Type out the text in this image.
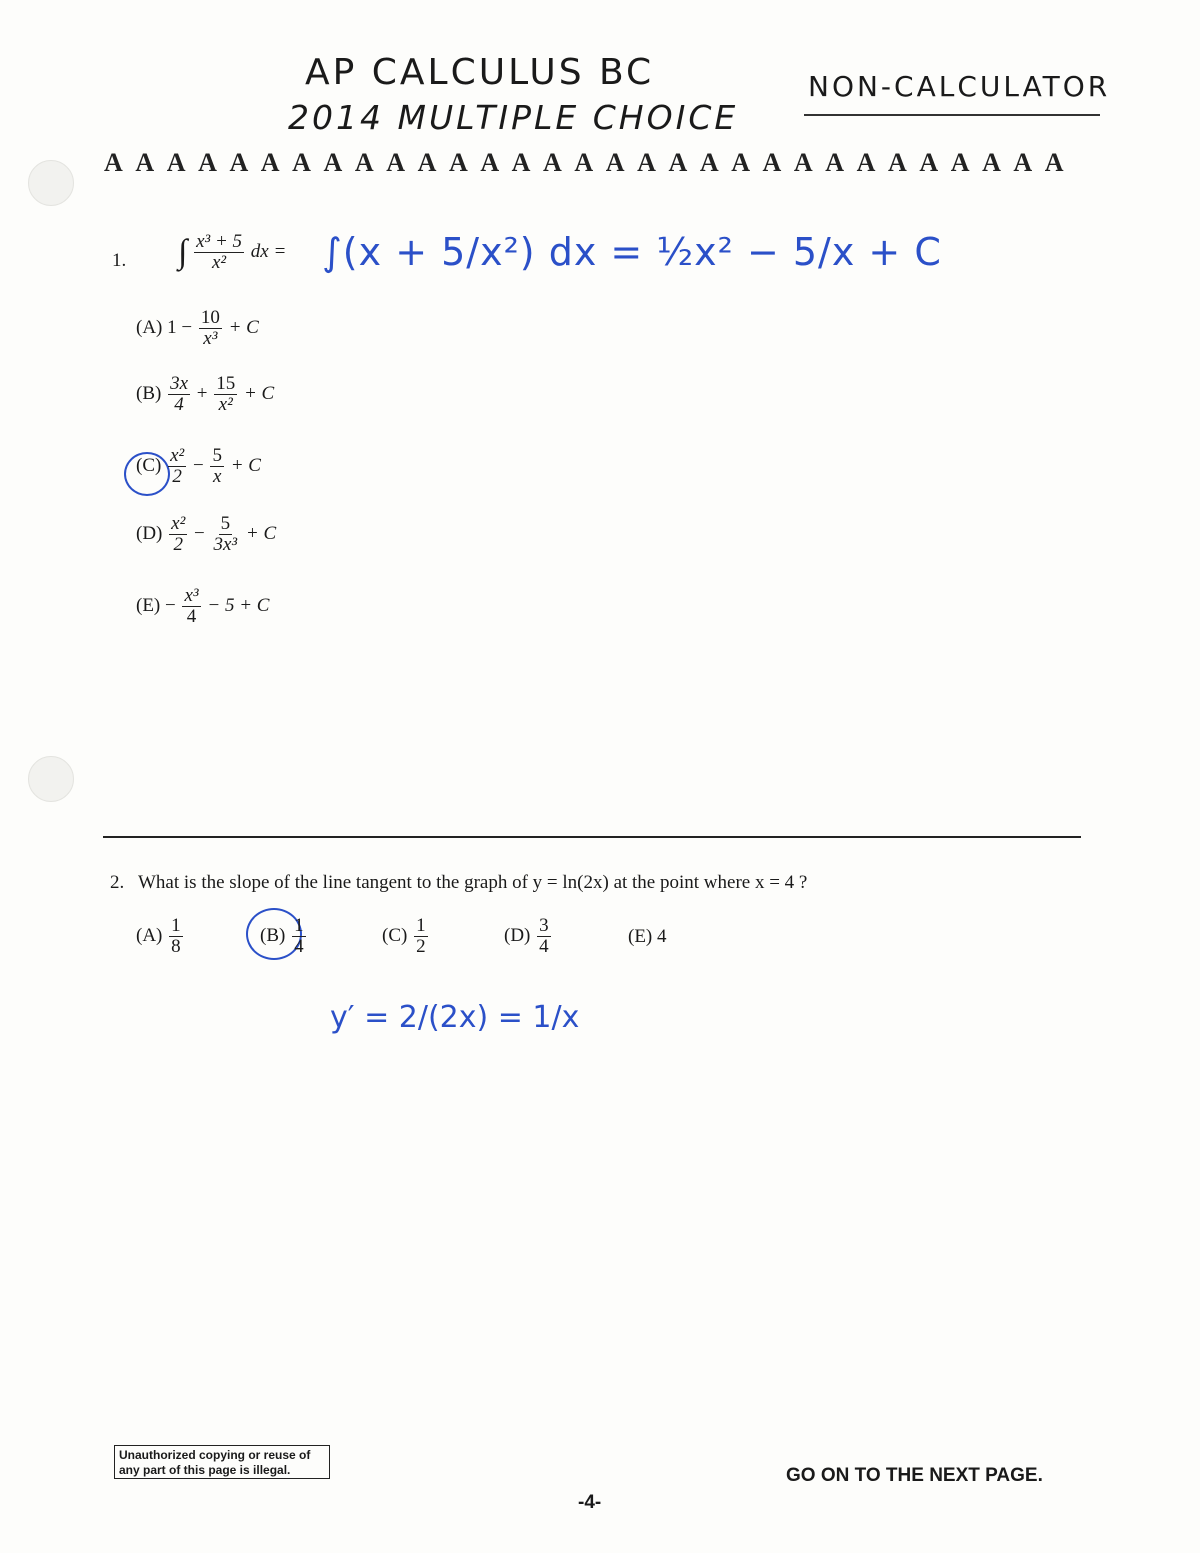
AP CALCULUS BC
2014 MULTIPLE CHOICE
NON-CALCULATOR
A A A A A A A A A A A A A A A A A A A A A A A A A A A A A A A
1. ∫ $\frac{\text{x³ + 5}}{\text{x²}}$ dx = ∫(x + 5/x²) dx = ½x² − 5/x + C
(A) $1 - \frac{10}{\text{x³}} + C$
$(B) \frac{3x}{4} + \frac{15}{\text{x²}} + C$
$(C) \frac{\text{x²}}{2} - \frac{5}{x} + C$
$(D) \frac{\text{x²}}{2} - \frac{5}{\text{3x³}} + C$
$(E) - \frac{\text{x³}}{4} - 5 + C$
2. What is the slope of the line tangent to the graph of y = ln(2x) at the point where x = 4 ?
$(A) \frac{1}{8}$	$(B) \frac{1}{4}$	$(C) \frac{1}{2}$	$(D) \frac{3}{4}$	(E) 4
y′ = 2/(2x) = 1/x
Unauthorized copying or reuse of
any part of this page is illegal.	GO ON TO THE NEXT PAGE.
-4-
